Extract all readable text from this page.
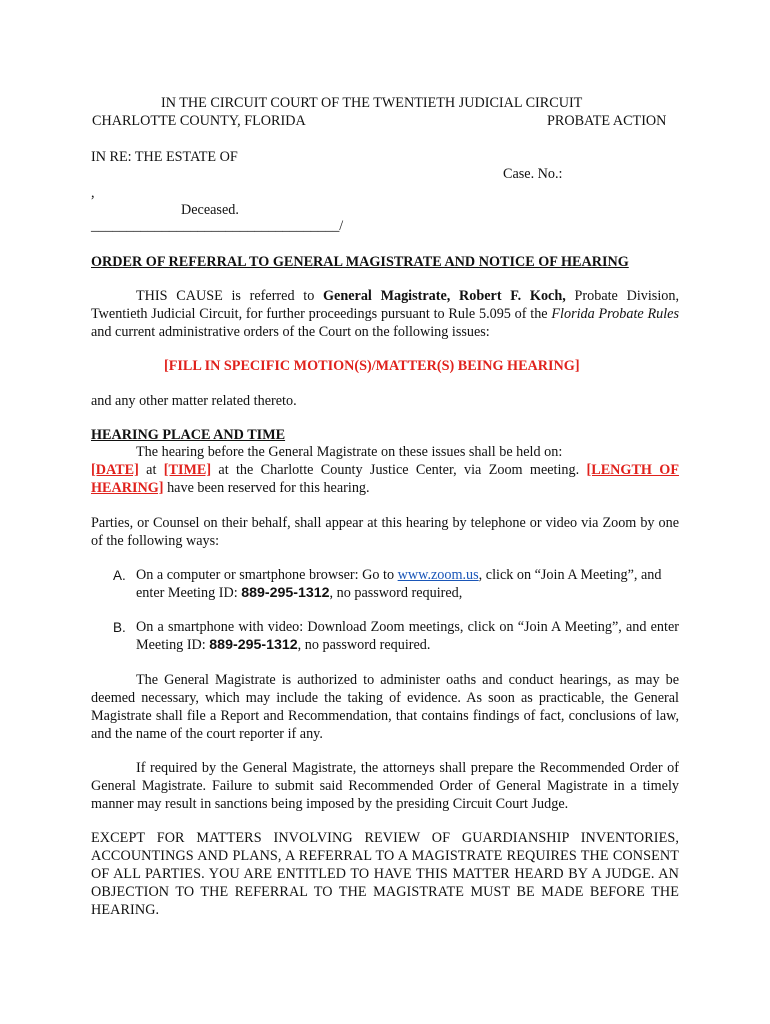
IN THE CIRCUIT COURT OF THE TWENTIETH JUDICIAL CIRCUIT
CHARLOTTE COUNTY, FLORIDA	PROBATE ACTION
IN RE: THE ESTATE OF
Case. No.:
,
Deceased.
___________________________________/
ORDER OF REFERRAL TO GENERAL MAGISTRATE AND NOTICE OF HEARING
THIS CAUSE is referred to General Magistrate, Robert F. Koch, Probate Division, Twentieth Judicial Circuit, for further proceedings pursuant to Rule 5.095 of the Florida Probate Rules and current administrative orders of the Court on the following issues:
[FILL IN SPECIFIC MOTION(S)/MATTER(S) BEING HEARING]
and any other matter related thereto.
HEARING PLACE AND TIME
The hearing before the General Magistrate on these issues shall be held on:
[DATE] at [TIME] at the Charlotte County Justice Center, via Zoom meeting. [LENGTH OF HEARING] have been reserved for this hearing.
Parties, or Counsel on their behalf, shall appear at this hearing by telephone or video via Zoom by one of the following ways:
A. On a computer or smartphone browser: Go to www.zoom.us, click on “Join A Meeting”, and enter Meeting ID: 889-295-1312, no password required,
B. On a smartphone with video: Download Zoom meetings, click on “Join A Meeting”, and enter Meeting ID: 889-295-1312, no password required.
The General Magistrate is authorized to administer oaths and conduct hearings, as may be deemed necessary, which may include the taking of evidence. As soon as practicable, the General Magistrate shall file a Report and Recommendation, that contains findings of fact, conclusions of law, and the name of the court reporter if any.
If required by the General Magistrate, the attorneys shall prepare the Recommended Order of General Magistrate. Failure to submit said Recommended Order of General Magistrate in a timely manner may result in sanctions being imposed by the presiding Circuit Court Judge.
EXCEPT FOR MATTERS INVOLVING REVIEW OF GUARDIANSHIP INVENTORIES, ACCOUNTINGS AND PLANS, A REFERRAL TO A MAGISTRATE REQUIRES THE CONSENT OF ALL PARTIES. YOU ARE ENTITLED TO HAVE THIS MATTER HEARD BY A JUDGE. AN OBJECTION TO THE REFERRAL TO THE MAGISTRATE MUST BE MADE BEFORE THE HEARING.
